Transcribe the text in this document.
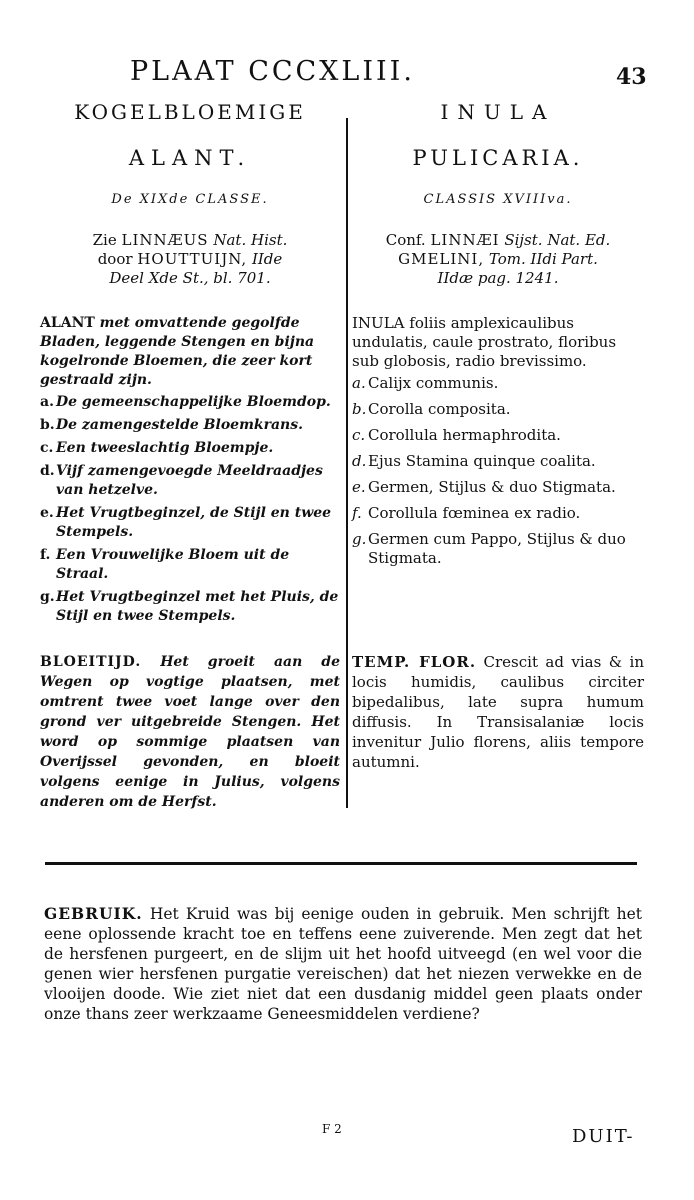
PLAAT CCCXLIII.	43
KOGELBLOEMIGE
ALANT.
De XIXde CLASSE.
Zie LINNÆUS Nat. Hist.
door HOUTTUIJN, IIde
Deel Xde St., bl. 701.
ALANT met omvattende gegolfde Bladen, leggende Stengen en bijna kogelronde Bloemen, die zeer kort gestraald zijn.
a. De gemeenschappelijke Bloemdop.
b. De zamengestelde Bloemkrans.
c. Een tweeslachtig Bloempje.
d. Vijf zamengevoegde Meeldraadjes van hetzelve.
e. Het Vrugtbeginzel, de Stijl en twee Stempels.
f. Een Vrouwelijke Bloem uit de Straal.
g. Het Vrugtbeginzel met het Pluis, de Stijl en twee Stempels.
INULA
PULICARIA.
CLASSIS XVIIIva.
Conf. LINNÆI Sijst. Nat. Ed.
GMELINI, Tom. IIdi Part.
IIdæ pag. 1241.
INULA foliis amplexicaulibus undulatis, caule prostrato, floribus sub globosis, radio brevissimo.
a. Calijx communis.
b. Corolla composita.
c. Corollula hermaphrodita.
d. Ejus Stamina quinque coalita.
e. Germen, Stijlus & duo Stigmata.
f. Corollula fœminea ex radio.
g. Germen cum Pappo, Stijlus & duo Stigmata.
BLOEITIJD. Het groeit aan de Wegen op vogtige plaatsen, met omtrent twee voet lange over den grond ver uitgebreide Stengen. Het word op sommige plaatsen van Overijssel gevonden, en bloeit volgens eenige in Julius, volgens anderen om de Herfst.
TEMP. FLOR. Crescit ad vias & in locis humidis, caulibus circiter bipedalibus, late supra humum diffusis. In Transisalaniæ locis invenitur Julio florens, aliis tempore autumni.
GEBRUIK. Het Kruid was bij eenige ouden in gebruik. Men schrijft het eene oplossende kracht toe en teffens eene zuiverende. Men zegt dat het de hersfenen purgeert, en de slijm uit het hoofd uitveegd (en wel voor die genen wier hersfenen purgatie vereischen) dat het niezen verwekke en de vlooijen doode. Wie ziet niet dat een dusdanig middel geen plaats onder onze thans zeer werkzaame Geneesmiddelen verdiene?
F 2	DUIT-
